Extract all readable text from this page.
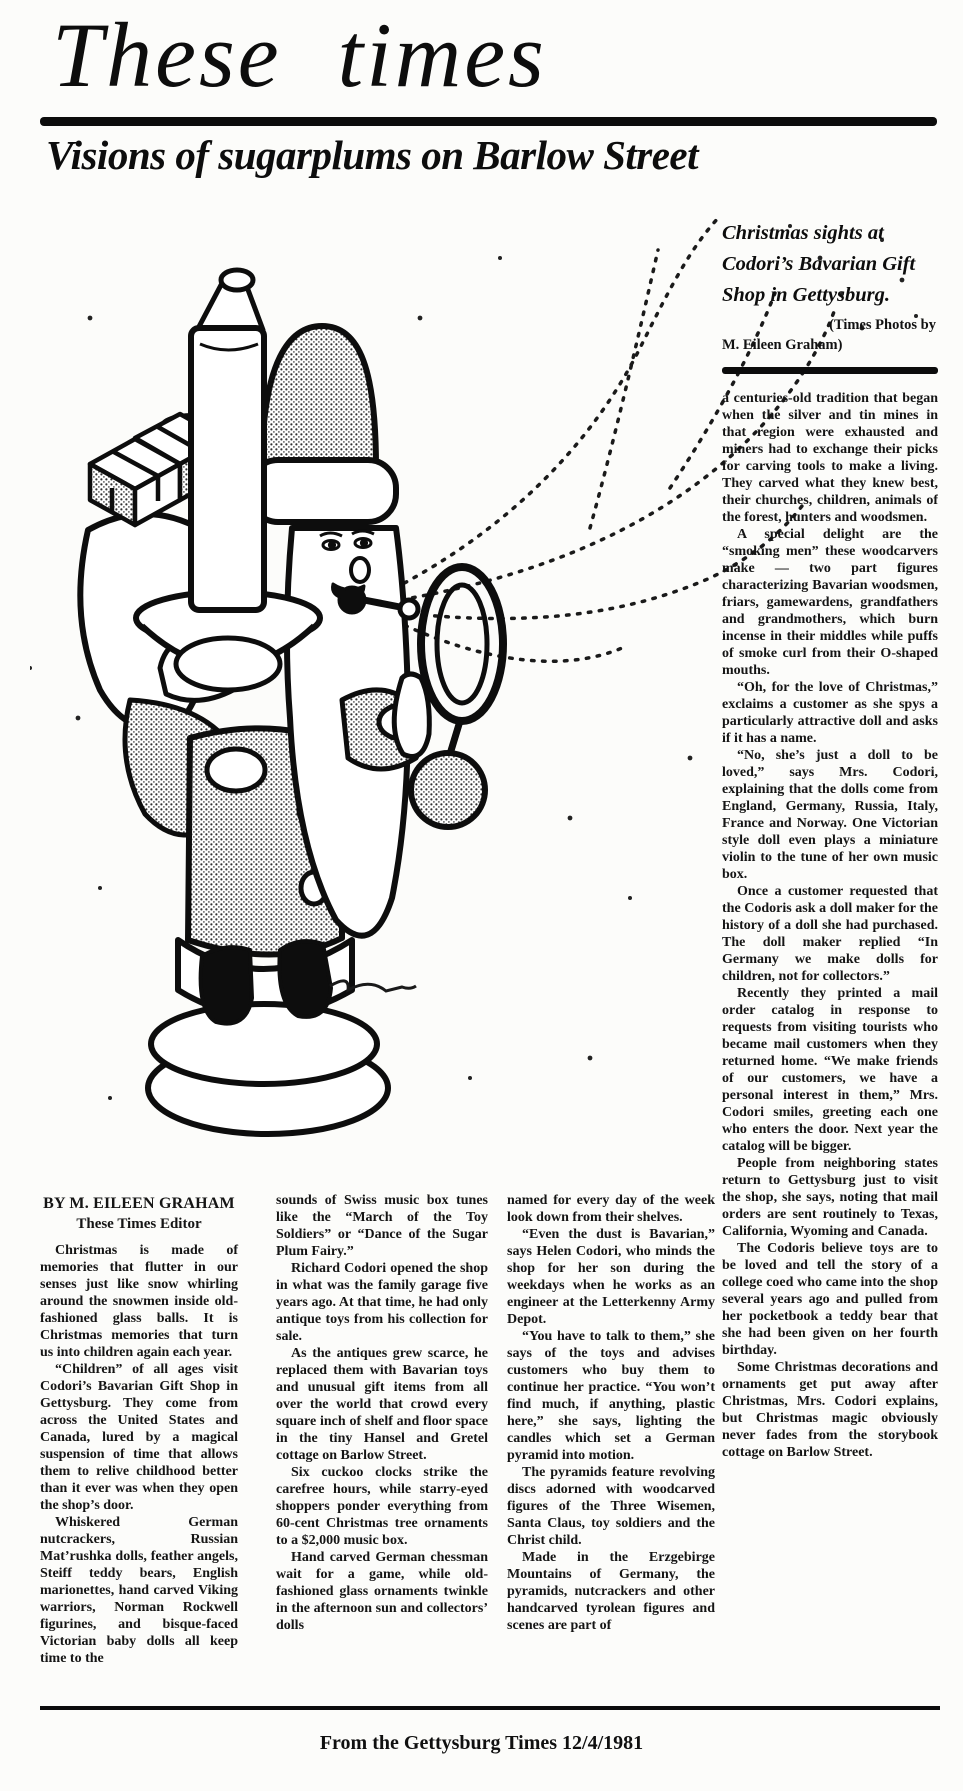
These times
Visions of sugarplums on Barlow Street

Christmas sights at Codori’s Bavarian Gift Shop in Gettysburg.

(Times Photos by
M. Eileen Graham)

a centuries-old tradition that began when the silver and tin mines in that region were exhausted and miners had to exchange their picks for carving tools to make a living. They carved what they knew best, their churches, children, animals of the forest, hunters and woodsmen.

A special delight are the “smoking men” these woodcarvers make — two part figures characterizing Bavarian woodsmen, friars, gamewardens, grandfathers and grandmothers, which burn incense in their middles while puffs of smoke curl from their O-shaped mouths.

“Oh, for the love of Christmas,” exclaims a customer as she spys a particularly attractive doll and asks if it has a name.

“No, she’s just a doll to be loved,” says Mrs. Codori, explaining that the dolls come from England, Germany, Russia, Italy, France and Norway. One Victorian style doll even plays a miniature violin to the tune of her own music box.

Once a customer requested that the Codoris ask a doll maker for the history of a doll she had purchased. The doll maker replied “In Germany we make dolls for children, not for collectors.”

Recently they printed a mail order catalog in response to requests from visiting tourists who became mail customers when they returned home. “We make friends of our customers, we have a personal interest in them,” Mrs. Codori smiles, greeting each one who enters the door. Next year the catalog will be bigger.

People from neighboring states return to Gettysburg just to visit the shop, she says, noting that mail orders are sent routinely to Texas, California, Wyoming and Canada.

The Codoris believe toys are to be loved and tell the story of a college coed who came into the shop several years ago and pulled from her pocketbook a teddy bear that she had been given on her fourth birthday.

Some Christmas decorations and ornaments get put away after Christmas, Mrs. Codori explains, but Christmas magic obviously never fades from the storybook cottage on Barlow Street.

BY M. EILEEN GRAHAM
These Times Editor

Christmas is made of memories that flutter in our senses just like snow whirling around the snowmen inside old-fashioned glass balls. It is Christmas memories that turn us into children again each year.

“Children” of all ages visit Codori’s Bavarian Gift Shop in Gettysburg. They come from across the United States and Canada, lured by a magical suspension of time that allows them to relive childhood better than it ever was when they open the shop’s door.

Whiskered German nutcrackers, Russian Mat’rushka dolls, feather angels, Steiff teddy bears, English marionettes, hand carved Viking warriors, Norman Rockwell figurines, and bisque-faced Victorian baby dolls all keep time to the

sounds of Swiss music box tunes like the “March of the Toy Soldiers” or “Dance of the Sugar Plum Fairy.”

Richard Codori opened the shop in what was the family garage five years ago. At that time, he had only antique toys from his collection for sale.

As the antiques grew scarce, he replaced them with Bavarian toys and unusual gift items from all over the world that crowd every square inch of shelf and floor space in the tiny Hansel and Gretel cottage on Barlow Street.

Six cuckoo clocks strike the carefree hours, while starry-eyed shoppers ponder everything from 60-cent Christmas tree ornaments to a $2,000 music box.

Hand carved German chessman wait for a game, while old-fashioned glass ornaments twinkle in the afternoon sun and collectors’ dolls

named for every day of the week look down from their shelves.

“Even the dust is Bavarian,” says Helen Codori, who minds the shop for her son during the weekdays when he works as an engineer at the Letterkenny Army Depot.

“You have to talk to them,” she says of the toys and advises customers who buy them to continue her practice. “You won’t find much, if anything, plastic here,” she says, lighting the candles which set a German pyramid into motion.

The pyramids feature revolving discs adorned with woodcarved figures of the Three Wisemen, Santa Claus, toy soldiers and the Christ child.

Made in the Erzgebirge Mountains of Germany, the pyramids, nutcrackers and other handcarved tyrolean figures and scenes are part of

From the Gettysburg Times 12/4/1981
